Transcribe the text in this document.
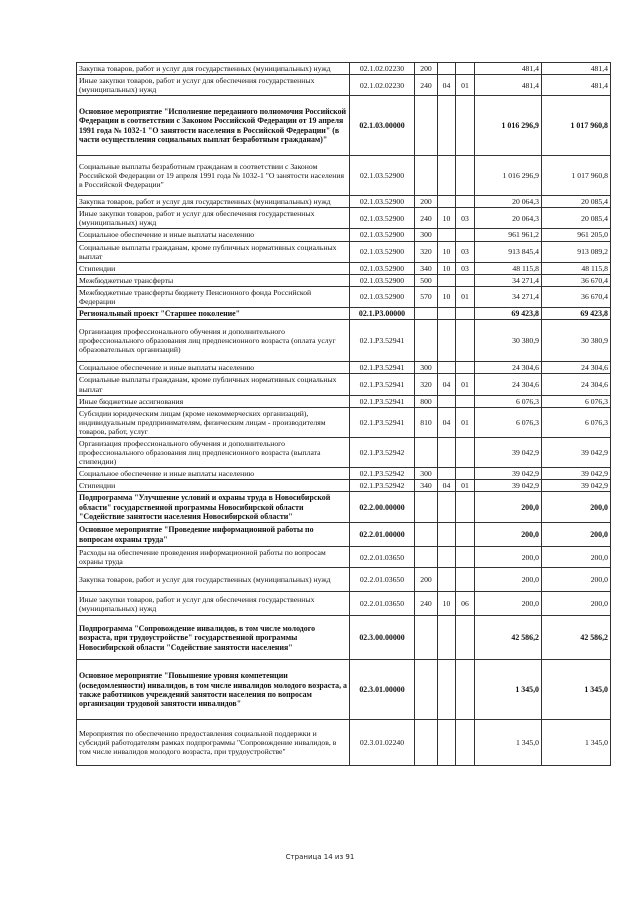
Закупка товаров, работ и услуг для государственных (муниципальных) нужд	02.1.02.02230	200			481,4	481,4
Иные закупки товаров, работ и услуг для обеспечения государственных (муниципальных) нужд	02.1.02.02230	240	04	01	481,4	481,4
Основное мероприятие "Исполнение переданного полномочия Российской Федерации в соответствии с Законом Российской Федерации от 19 апреля 1991 года № 1032-1 "О занятости населения в Российской Федерации" (в части осуществления социальных выплат безработным гражданам)"	02.1.03.00000				1 016 296,9	1 017 960,8
Социальные выплаты безработным гражданам в соответствии с Законом Российской Федерации от 19 апреля 1991 года № 1032-1 "О занятости населения в Российской Федерации"	02.1.03.52900				1 016 296,9	1 017 960,8
Закупка товаров, работ и услуг для государственных (муниципальных) нужд	02.1.03.52900	200			20 064,3	20 085,4
Иные закупки товаров, работ и услуг для обеспечения государственных (муниципальных) нужд	02.1.03.52900	240	10	03	20 064,3	20 085,4
Социальное обеспечение и иные выплаты населению	02.1.03.52900	300			961 961,2	961 205,0
Социальные выплаты гражданам, кроме публичных нормативных социальных выплат	02.1.03.52900	320	10	03	913 845,4	913 089,2
Стипендии	02.1.03.52900	340	10	03	48 115,8	48 115,8
Межбюджетные трансферты	02.1.03.52900	500			34 271,4	36 670,4
Межбюджетные трансферты бюджету Пенсионного фонда Российской Федерации	02.1.03.52900	570	10	01	34 271,4	36 670,4
Региональный проект "Старшее поколение"	02.1.P3.00000				69 423,8	69 423,8
Организация профессионального обучения и дополнительного профессионального образования лиц предпенсионного возраста (оплата услуг образовательных организаций)	02.1.P3.52941				30 380,9	30 380,9
Социальное обеспечение и иные выплаты населению	02.1.P3.52941	300			24 304,6	24 304,6
Социальные выплаты гражданам, кроме публичных нормативных социальных выплат	02.1.P3.52941	320	04	01	24 304,6	24 304,6
Иные бюджетные ассигнования	02.1.P3.52941	800			6 076,3	6 076,3
Субсидии юридическим лицам (кроме некоммерческих организаций), индивидуальным предпринимателям, физическим лицам - производителям товаров, работ, услуг	02.1.P3.52941	810	04	01	6 076,3	6 076,3
Организация профессионального обучения и дополнительного профессионального образования лиц предпенсионного возраста (выплата стипендии)	02.1.P3.52942				39 042,9	39 042,9
Социальное обеспечение и иные выплаты населению	02.1.P3.52942	300			39 042,9	39 042,9
Стипендии	02.1.P3.52942	340	04	01	39 042,9	39 042,9
Подпрограмма "Улучшение условий и охраны труда в Новосибирской области" государственной программы Новосибирской области "Содействие занятости населения Новосибирской области"	02.2.00.00000				200,0	200,0
Основное мероприятие "Проведение информационной работы по вопросам охраны труда"	02.2.01.00000				200,0	200,0
Расходы на обеспечение проведения информационной работы по вопросам охраны труда	02.2.01.03650				200,0	200,0
Закупка товаров, работ и услуг для государственных (муниципальных) нужд	02.2.01.03650	200			200,0	200,0
Иные закупки товаров, работ и услуг для обеспечения государственных (муниципальных) нужд	02.2.01.03650	240	10	06	200,0	200,0
Подпрограмма "Сопровождение инвалидов, в том числе молодого возраста, при трудоустройстве" государственной программы Новосибирской области "Содействие занятости населения"	02.3.00.00000				42 586,2	42 586,2
Основное мероприятие "Повышение уровня компетенции (осведомленности) инвалидов, в том числе инвалидов молодого возраста, а также работников учреждений занятости населения по вопросам организации трудовой занятости инвалидов"	02.3.01.00000				1 345,0	1 345,0
Мероприятия по обеспечению предоставления социальной поддержки и субсидий работодателям рамках подпрограммы "Сопровождение инвалидов, в том числе инвалидов молодого возраста, при трудоустройстве"	02.3.01.02240				1 345,0	1 345,0
Страница 14 из 91
